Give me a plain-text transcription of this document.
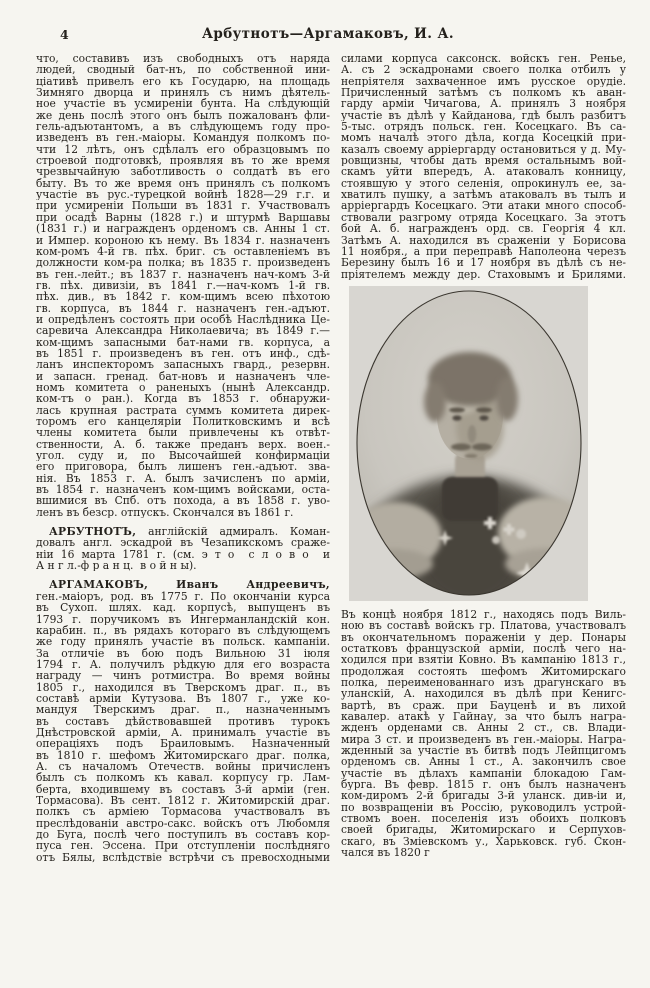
4	Арбутнотъ—Аргамаковъ, И. А.
что, составивъ изъ свободныхъ отъ наряда
людей, сводный бат-нъ, по собственной ини-
ціативѣ привелъ его къ Государю, на площадь
Зимняго дворца и принялъ съ нимъ дѣятель-
ное участіе въ усмиреніи бунта. На слѣдующій
же день послѣ этого онъ былъ пожалованъ фли-
гель-адъютантомъ, а въ слѣдующемъ году про-
изведенъ въ ген.-маіоры. Командуя полкомъ по-
чти 12 лѣтъ, онъ сдѣлалъ его образцовымъ по
строевой подготовкѣ, проявляя въ то же время
чрезвычайную заботливость о солдатѣ въ его
быту. Въ то же время онъ принялъ съ полкомъ
участіе въ рус.-турецкой войнѣ 1828—29 г.г. и
при усмиреніи Польши въ 1831 г. Участвовалъ
при осадѣ Варны (1828 г.) и штурмѣ Варшавы
(1831 г.) и награжденъ орденомъ св. Анны 1 ст.
и Импер. короною къ нему. Въ 1834 г. назначенъ
ком-ромъ 4-й гв. пѣх. бриг. съ оставленіемъ въ
должности ком-ра полка; въ 1835 г. произведенъ
въ ген.-лейт.; въ 1837 г. назначенъ нач-комъ 3-й
гв. пѣх. дивизіи, въ 1841 г.—нач-комъ 1-й гв.
пѣх. див., въ 1842 г. ком-щимъ всею пѣхотою
гв. корпуса, въ 1844 г. назначенъ ген.-адъют.
и опредѣленъ состоять при особѣ Наслѣдника Це-
саревича Александра Николаевича; въ 1849 г.—
ком-щимъ запасными бат-нами гв. корпуса, а
въ 1851 г. произведенъ въ ген. отъ инф., сдѣ-
ланъ инспекторомъ запасныхъ гвард., резервн.
и запасн. гренад. бат-новъ и назначенъ чле-
номъ комитета о раненыхъ (нынѣ Александр.
ком-тъ о ран.). Когда въ 1853 г. обнаружи-
лась крупная растрата суммъ комитета дирек-
торомъ его канцеляріи Политковскимъ и всѣ
члены комитета были привлечены къ отвѣт-
ственности, А. б. также преданъ верх. воен.-
угол. суду и, по Высочайшей конфирмаціи
его приговора, былъ лишенъ ген.-адъют. зва-
нія. Въ 1853 г. А. былъ зачисленъ по арміи,
въ 1854 г. назначенъ ком-щимъ войсками, оста-
вшимися въ Спб. отъ похода, а въ 1858 г. уво-
ленъ въ безср. отпускъ. Скончался въ 1861 г.
АРБУТНОТЪ, англійскій адмиралъ. Коман-
довалъ англ. эскадрой въ Чезапикскомъ сраже-
ніи 16 марта 1781 г. (см. э т о  с л о в о  и
А н г л.-ф р а н ц.  в о й н ы).
АРГАМАКОВЪ, Иванъ Андреевичъ,
ген.-маіоръ, род. въ 1775 г. По окончаніи курса
въ Сухоп. шлях. кад. корпусѣ, выпущенъ въ
1793 г. поручикомъ въ Ингерманландскій кон.
карабин. п., въ рядахъ котораго въ слѣдующемъ
же году принялъ участіе въ польск. кампаніи.
За отличіе въ бою подъ Вильною 31 іюля
1794 г. А. получилъ рѣдкую для его возраста
награду — чинъ ротмистра. Во время войны
1805 г., находился въ Тверскомъ драг. п., въ
составѣ арміи Кутузова. Въ 1807 г., уже ко-
мандуя Тверскимъ драг. п., назначеннымъ
въ составъ дѣйствовавшей противъ турокъ
Днѣстровской арміи, А. принималъ участіе въ
операціяхъ подъ Браиловымъ. Назначенный
въ 1810 г. шефомъ Житомирскаго драг. полка,
А. съ началомъ Отечеств. войны причисленъ
былъ съ полкомъ къ кавал. корпусу гр. Лам-
берта, входившему въ составъ 3-й арміи (ген.
Тормасова). Въ сент. 1812 г. Житомирскій драг.
полкъ съ арміею Тормасова участвовалъ въ
преслѣдованіи австро-сакс. войскъ отъ Любомля
до Буга, послѣ чего поступилъ въ составъ кор-
пуса ген. Эссена. При отступленіи послѣдняго
отъ Бялы, вслѣдствіе встрѣчи съ превосходными
силами корпуса саксонск. войскъ ген. Ренье,
А. съ 2 эскадронами своего полка отбилъ у
непріятеля захваченное имъ русское орудіе.
Причисленный затѣмъ съ полкомъ къ аван-
гарду арміи Чичагова, А. принялъ 3 ноября
участіе въ дѣлѣ у Кайданова, гдѣ былъ разбитъ
5-тыс. отрядъ польск. ген. Косецкаго. Въ са-
момъ началѣ этого дѣла, когда Косецкій при-
казалъ своему арріергарду остановиться у д. Му-
ровщизны, чтобы дать время остальнымъ вой-
скамъ уйти впередъ, А. атаковалъ конницу,
стоявшую у этого селенія, опрокинулъ ее, за-
хватилъ пушку, а затѣмъ атаковалъ въ тылъ и
арріергардъ Косецкаго. Эти атаки много способ-
ствовали разгрому отряда Косецкаго. За этотъ
бой А. б. награжденъ орд. св. Георгія 4 кл.
Затѣмъ А. находился въ сраженіи у Борисова
11 ноября., а при переправѣ Наполеона черезъ
Березину былъ 16 и 17 ноября въ дѣлѣ съ не-
пріятелемъ между дер. Стаховымъ и Брилями.
Въ концѣ ноября 1812 г., находясь подъ Виль-
ною въ составѣ войскъ гр. Платова, участвовалъ
въ окончательномъ пораженіи у дер. Понары
остатковъ французской арміи, послѣ чего на-
ходился при взятіи Ковно. Въ кампанію 1813 г.,
продолжая состоять шефомъ Житомирскаго
полка, переименованнаго изъ драгунскаго въ
уланскій, А. находился въ дѣлѣ при Кенигс-
вартѣ, въ сраж. при Бауценѣ и въ лихой
кавалер. атакѣ у Гайнау, за что былъ награ-
жденъ орденами св. Анны 2 ст., св. Влади-
мира 3 ст. и произведенъ въ ген.-маіоры. Награ-
жденный за участіе въ битвѣ подъ Лейпцигомъ
орденомъ св. Анны 1 ст., А. закончилъ свое
участіе въ дѣлахъ кампаніи блокадою Гам-
бурга. Въ февр. 1815 г. онъ былъ назначенъ
ком-диромъ 2-й бригады 3-й уланск. див-іи и,
по возвращеніи въ Россію, руководилъ устрой-
ствомъ воен. поселенія изъ обоихъ полковъ
своей бригады, Житомирскаго и Серпухов-
скаго, въ Зміевскомъ у., Харьковск. губ. Скон-
чался въ 1820 г
